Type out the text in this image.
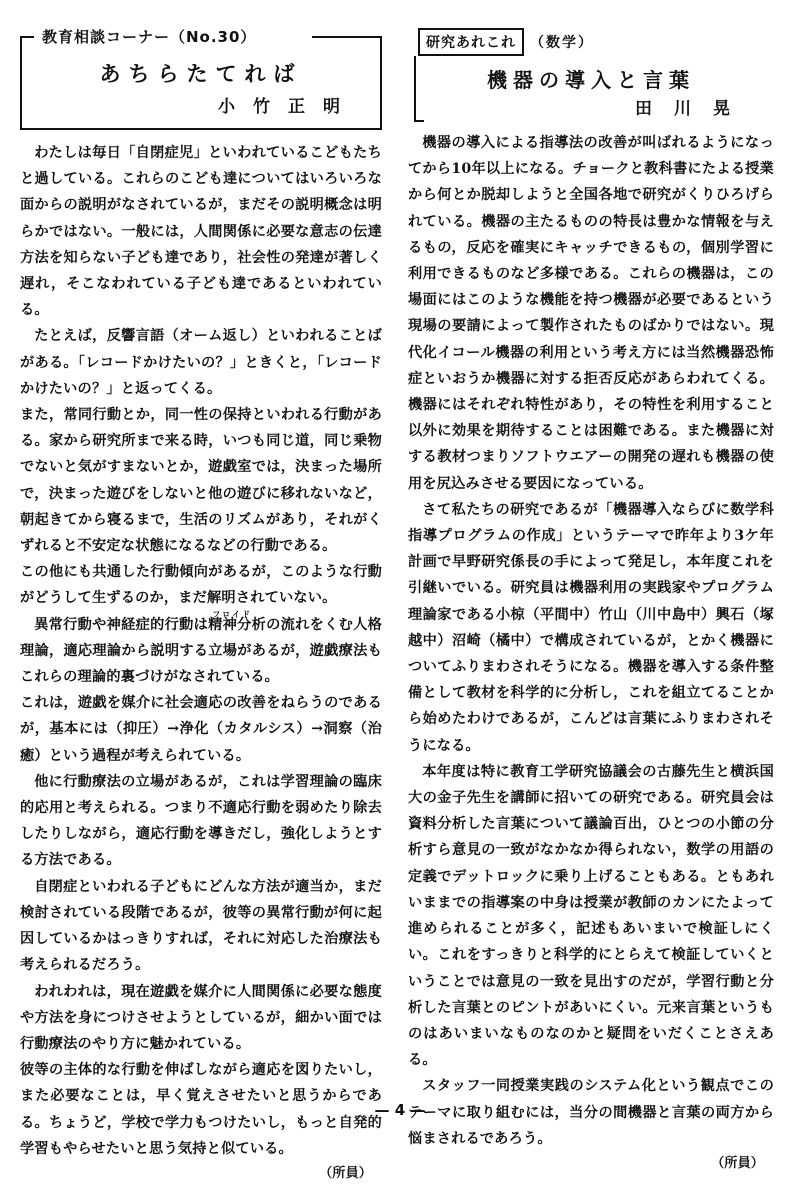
教育相談コーナー（No.30）
あちらたてれば
小竹正明

わたしは毎日「自閉症児」といわれているこどもたちと過している。これらのこども達についてはいろいろな面からの説明がなされているが，まだその説明概念は明らかではない。一般には，人間関係に必要な意志の伝達方法を知らない子ども達であり，社会性の発達が著しく遅れ，そこなわれている子ども達であるといわれている。

たとえば，反響言語（オーム返し）といわれることばがある。「レコードかけたいの？」ときくと，「レコードかけたいの？」と返ってくる。

また，常同行動とか，同一性の保持といわれる行動がある。家から研究所まで来る時，いつも同じ道，同じ乗物でないと気がすまないとか，遊戯室では，決まった場所で，決まった遊びをしないと他の遊びに移れないなど，朝起きてから寝るまで，生活のリズムがあり，それがくずれると不安定な状態になるなどの行動である。

この他にも共通した行動傾向があるが，このような行動がどうして生ずるのか，まだ解明されていない。

フロイド
異常行動や神経症的行動は精神分析の流れをくむ人格理論，適応理論から説明する立場があるが，遊戯療法もこれらの理論的裏づけがなされている。

これは，遊戯を媒介に社会適応の改善をねらうのであるが，基本には（抑圧）→浄化（カタルシス）→洞察（治癒）という過程が考えられている。

他に行動療法の立場があるが，これは学習理論の臨床的応用と考えられる。つまり不適応行動を弱めたり除去したりしながら，適応行動を導きだし，強化しようとする方法である。

自閉症といわれる子どもにどんな方法が適当か，まだ検討されている段階であるが，彼等の異常行動が何に起因しているかはっきりすれば，それに対応した治療法も考えられるだろう。

われわれは，現在遊戯を媒介に人間関係に必要な態度や方法を身につけさせようとしているが，細かい面では行動療法のやり方に魅かれている。

彼等の主体的な行動を伸ばしながら適応を図りたいし，また必要なことは，早く覚えさせたいと思うからである。ちょうど，学校で学力もつけたいし，もっと自発的学習もやらせたいと思う気持と似ている。

（所員）
研究あれこれ	（数学）
機器の導入と言葉
田川晃

機器の導入による指導法の改善が叫ばれるようになってから10年以上になる。チョークと教科書にたよる授業から何とか脱却しようと全国各地で研究がくりひろげられている。機器の主たるものの特長は豊かな情報を与えるもの，反応を確実にキャッチできるもの，個別学習に利用できるものなど多様である。これらの機器は，この場面にはこのような機能を持つ機器が必要であるという現場の要請によって製作されたものばかりではない。現代化イコール機器の利用という考え方には当然機器恐怖症といおうか機器に対する拒否反応があらわれてくる。機器にはそれぞれ特性があり，その特性を利用すること以外に効果を期待することは困難である。また機器に対する教材つまりソフトウエアーの開発の遅れも機器の使用を尻込みさせる要因になっている。

さて私たちの研究であるが「機器導入ならびに数学科指導プログラムの作成」というテーマで昨年より3ケ年計画で早野研究係長の手によって発足し，本年度これを引継いでいる。研究員は機器利用の実践家やプログラム理論家である小椋（平間中）竹山（川中島中）興石（塚越中）沼崎（橘中）で構成されているが，とかく機器についてふりまわされそうになる。機器を導入する条件整備として教材を科学的に分析し，これを組立てることから始めたわけであるが，こんどは言葉にふりまわされそうになる。

本年度は特に教育工学研究協議会の古藤先生と横浜国大の金子先生を講師に招いての研究である。研究員会は資料分析した言葉について議論百出，ひとつの小節の分析すら意見の一致がなかなか得られない，数学の用語の定義でデットロックに乗り上げることもある。ともあれいままでの指導案の中身は授業が教師のカンにたよって進められることが多く，記述もあいまいで検証しにくい。これをすっきりと科学的にとらえて検証していくということでは意見の一致を見出すのだが，学習行動と分析した言葉とのピントがあいにくい。元来言葉というものはあいまいなものなのかと疑問をいだくことさえある。

スタッフ一同授業実践のシステム化という観点でこのテーマに取り組むには，当分の間機器と言葉の両方から悩まされるであろう。

（所員）
— 4 —
